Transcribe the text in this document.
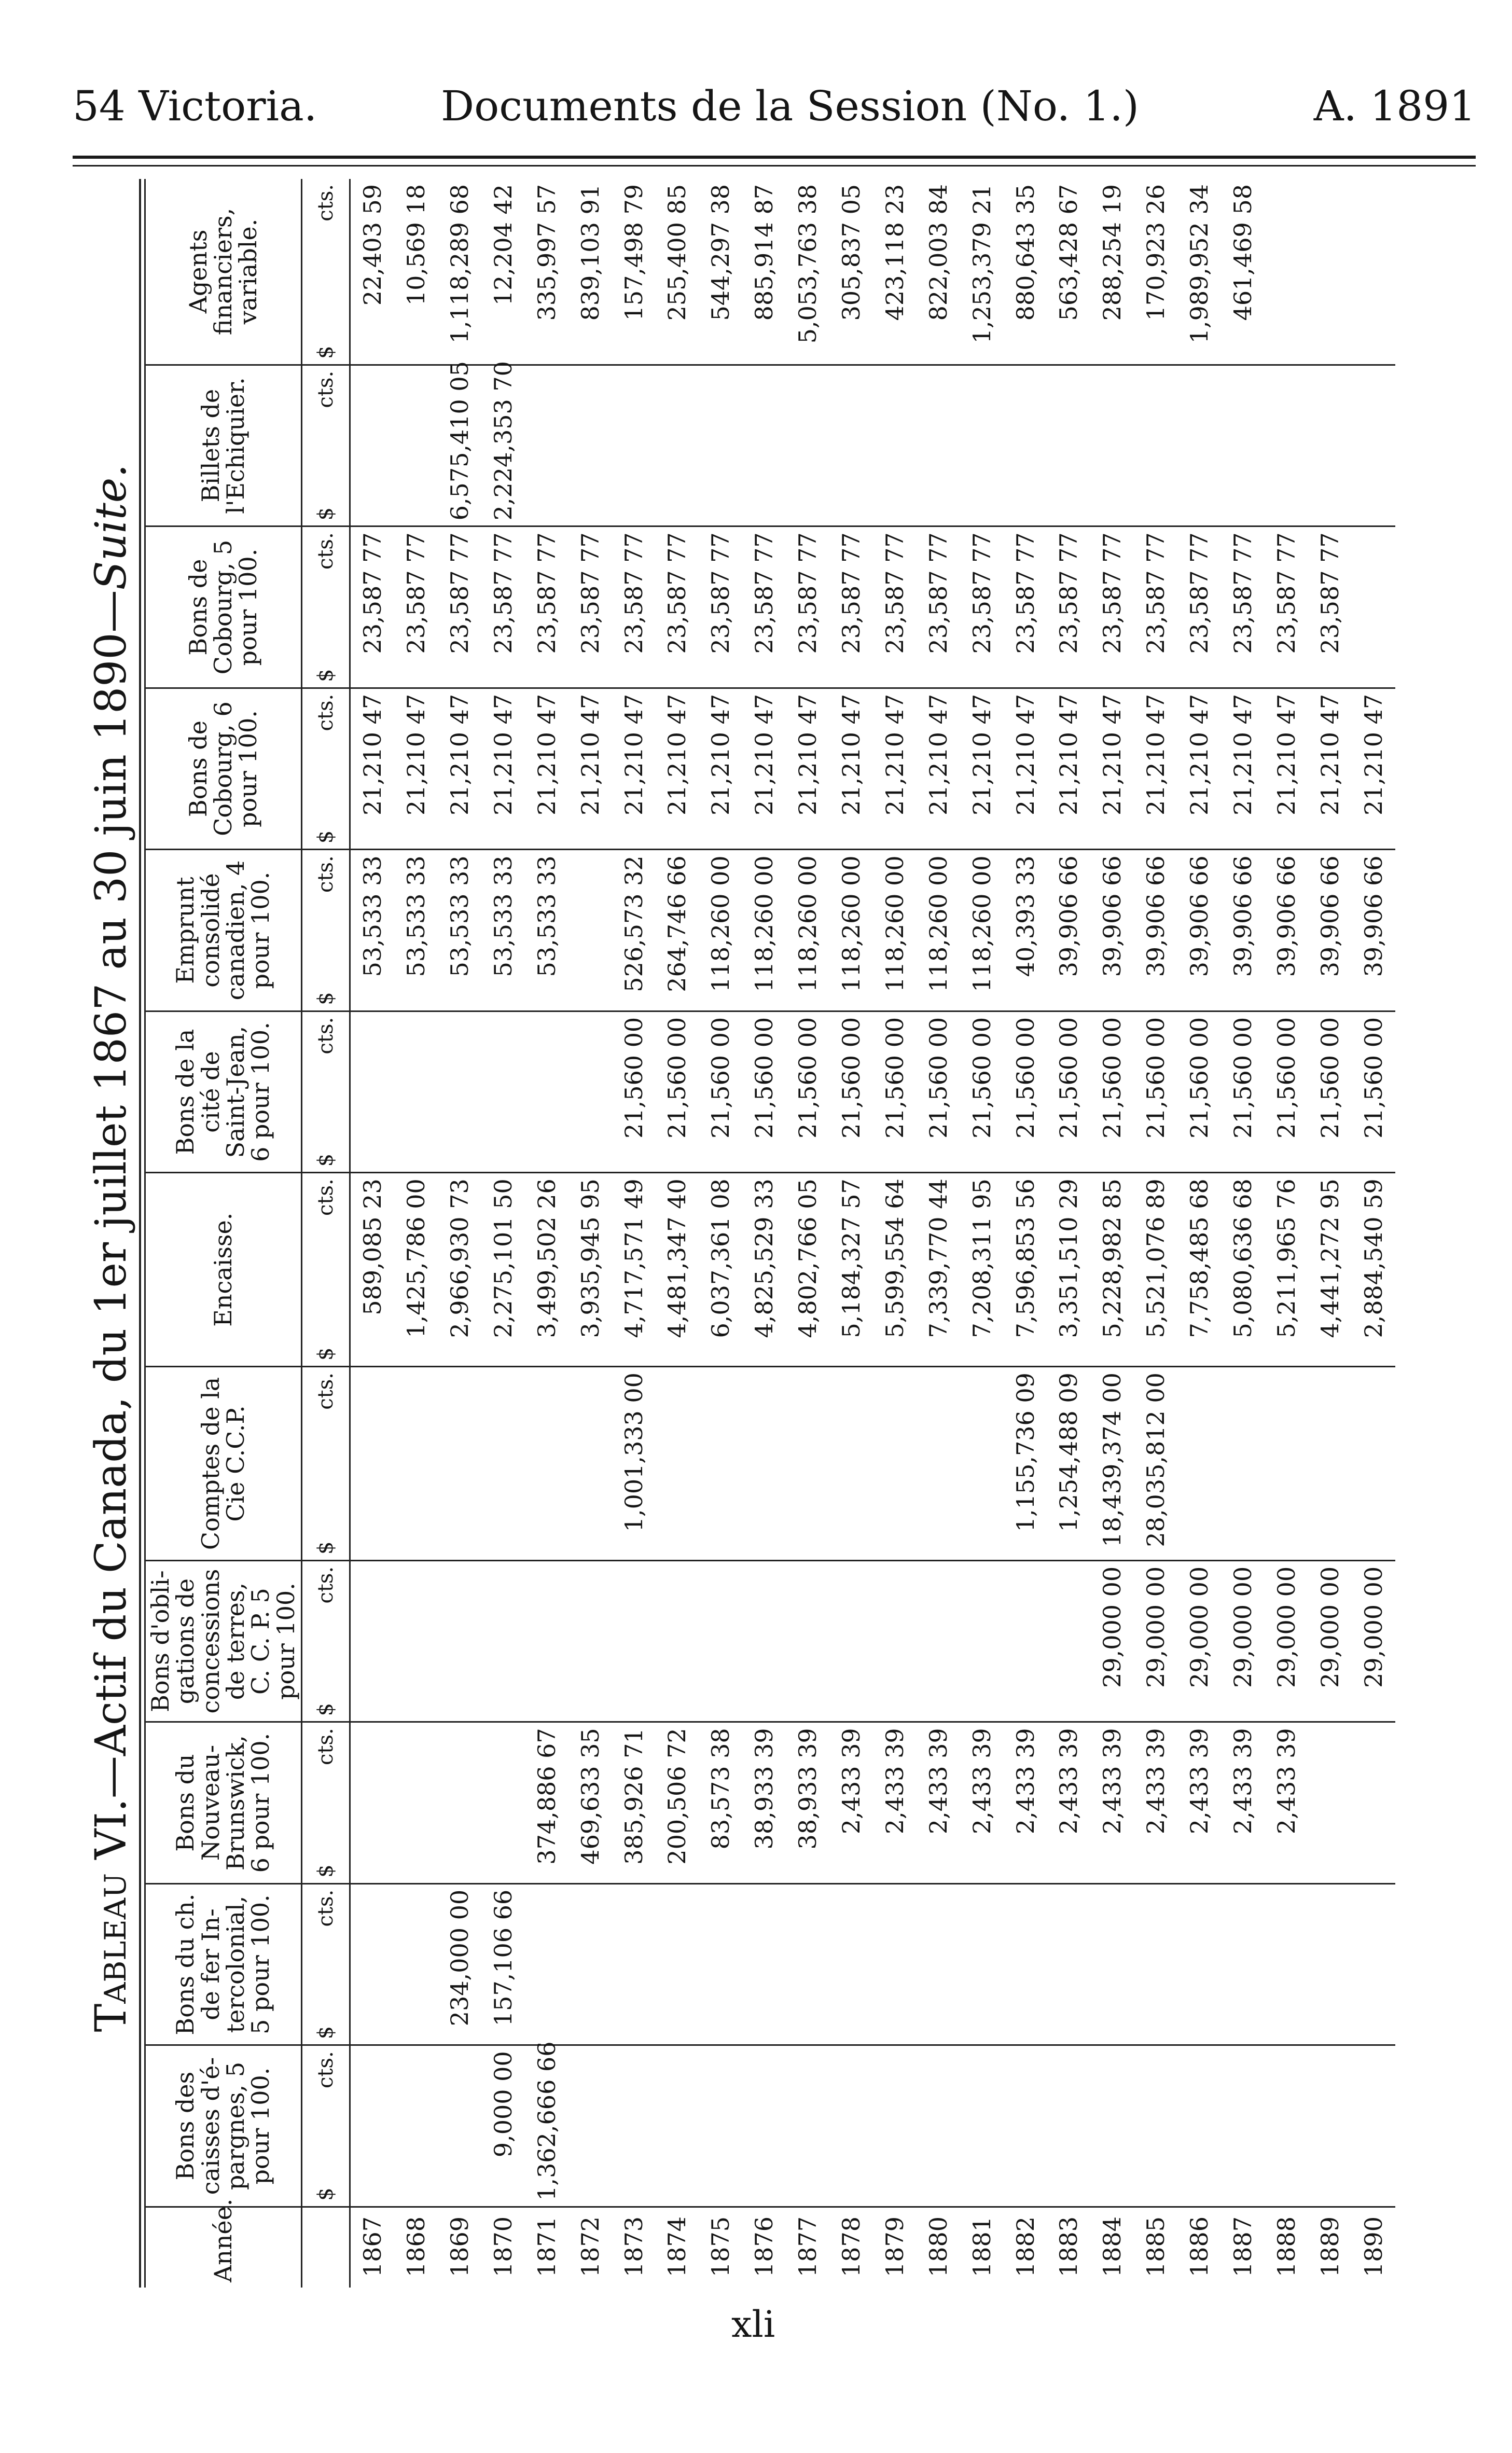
54 Victoria.	Documents de la Session (No. 1.)	A. 1891
Tableau VI.—Actif du Canada, du 1er juillet 1867 au 30 juin 1890—Suite.
Année.	Bons des caisses d'é-pargnes, 5 pour 100.	Bons du ch. de fer In-tercolonial, 5 pour 100.	Bons du Nouveau-Brunswick, 6 pour 100.	Bons d'obli-gations de concessions de terres, C. C. P. 5 pour 100.	Comptes de la Cie C.C.P.	Encaisse.	Bons de la cité de Saint-Jean, 6 pour 100.	Emprunt consolidé canadien, 4 pour 100.	Bons de Cobourg, 6 pour 100.	Bons de Cobourg, 5 pour 100.	Billets de l'Echiquier.	Agents financiers, variable.

	$
cts.	$
cts.	$
cts.	$
cts.	$
cts.	$
cts.	$
cts.	$
cts.	$
cts.	$
cts.	$
cts.	$
cts.

1867						589,085 23		53,533 33	21,210 47	23,587 77		22,403 59
1868						1,425,786 00		53,533 33	21,210 47	23,587 77		10,569 18
1869		234,000 00				2,966,930 73		53,533 33	21,210 47	23,587 77	6,575,410 05	1,118,289 68
1870	9,000 00	157,106 66				2,275,101 50		53,533 33	21,210 47	23,587 77	2,224,353 70	12,204 42
1871	1,362,666 66		374,886 67			3,499,502 26		53,533 33	21,210 47	23,587 77		335,997 57
1872			469,633 35			3,935,945 95			21,210 47	23,587 77		839,103 91
1873			385,926 71		1,001,333 00	4,717,571 49	21,560 00	526,573 32	21,210 47	23,587 77		157,498 79
1874			200,506 72			4,481,347 40	21,560 00	264,746 66	21,210 47	23,587 77		255,400 85
1875			83,573 38			6,037,361 08	21,560 00	118,260 00	21,210 47	23,587 77		544,297 38
1876			38,933 39			4,825,529 33	21,560 00	118,260 00	21,210 47	23,587 77		885,914 87
1877			38,933 39			4,802,766 05	21,560 00	118,260 00	21,210 47	23,587 77		5,053,763 38
1878			2,433 39			5,184,327 57	21,560 00	118,260 00	21,210 47	23,587 77		305,837 05
1879			2,433 39			5,599,554 64	21,560 00	118,260 00	21,210 47	23,587 77		423,118 23
1880			2,433 39			7,339,770 44	21,560 00	118,260 00	21,210 47	23,587 77		822,003 84
1881			2,433 39			7,208,311 95	21,560 00	118,260 00	21,210 47	23,587 77		1,253,379 21
1882			2,433 39		1,155,736 09	7,596,853 56	21,560 00	40,393 33	21,210 47	23,587 77		880,643 35
1883			2,433 39		1,254,488 09	3,351,510 29	21,560 00	39,906 66	21,210 47	23,587 77		563,428 67
1884			2,433 39	29,000 00	18,439,374 00	5,228,982 85	21,560 00	39,906 66	21,210 47	23,587 77		288,254 19
1885			2,433 39	29,000 00	28,035,812 00	5,521,076 89	21,560 00	39,906 66	21,210 47	23,587 77		170,923 26
1886			2,433 39	29,000 00		7,758,485 68	21,560 00	39,906 66	21,210 47	23,587 77		1,989,952 34
1887			2,433 39	29,000 00		5,080,636 68	21,560 00	39,906 66	21,210 47	23,587 77		461,469 58
1888			2,433 39	29,000 00		5,211,965 76	21,560 00	39,906 66	21,210 47	23,587 77		
1889				29,000 00		4,441,272 95	21,560 00	39,906 66	21,210 47	23,587 77		
1890				29,000 00		2,884,540 59	21,560 00	39,906 66	21,210 47			
xli
